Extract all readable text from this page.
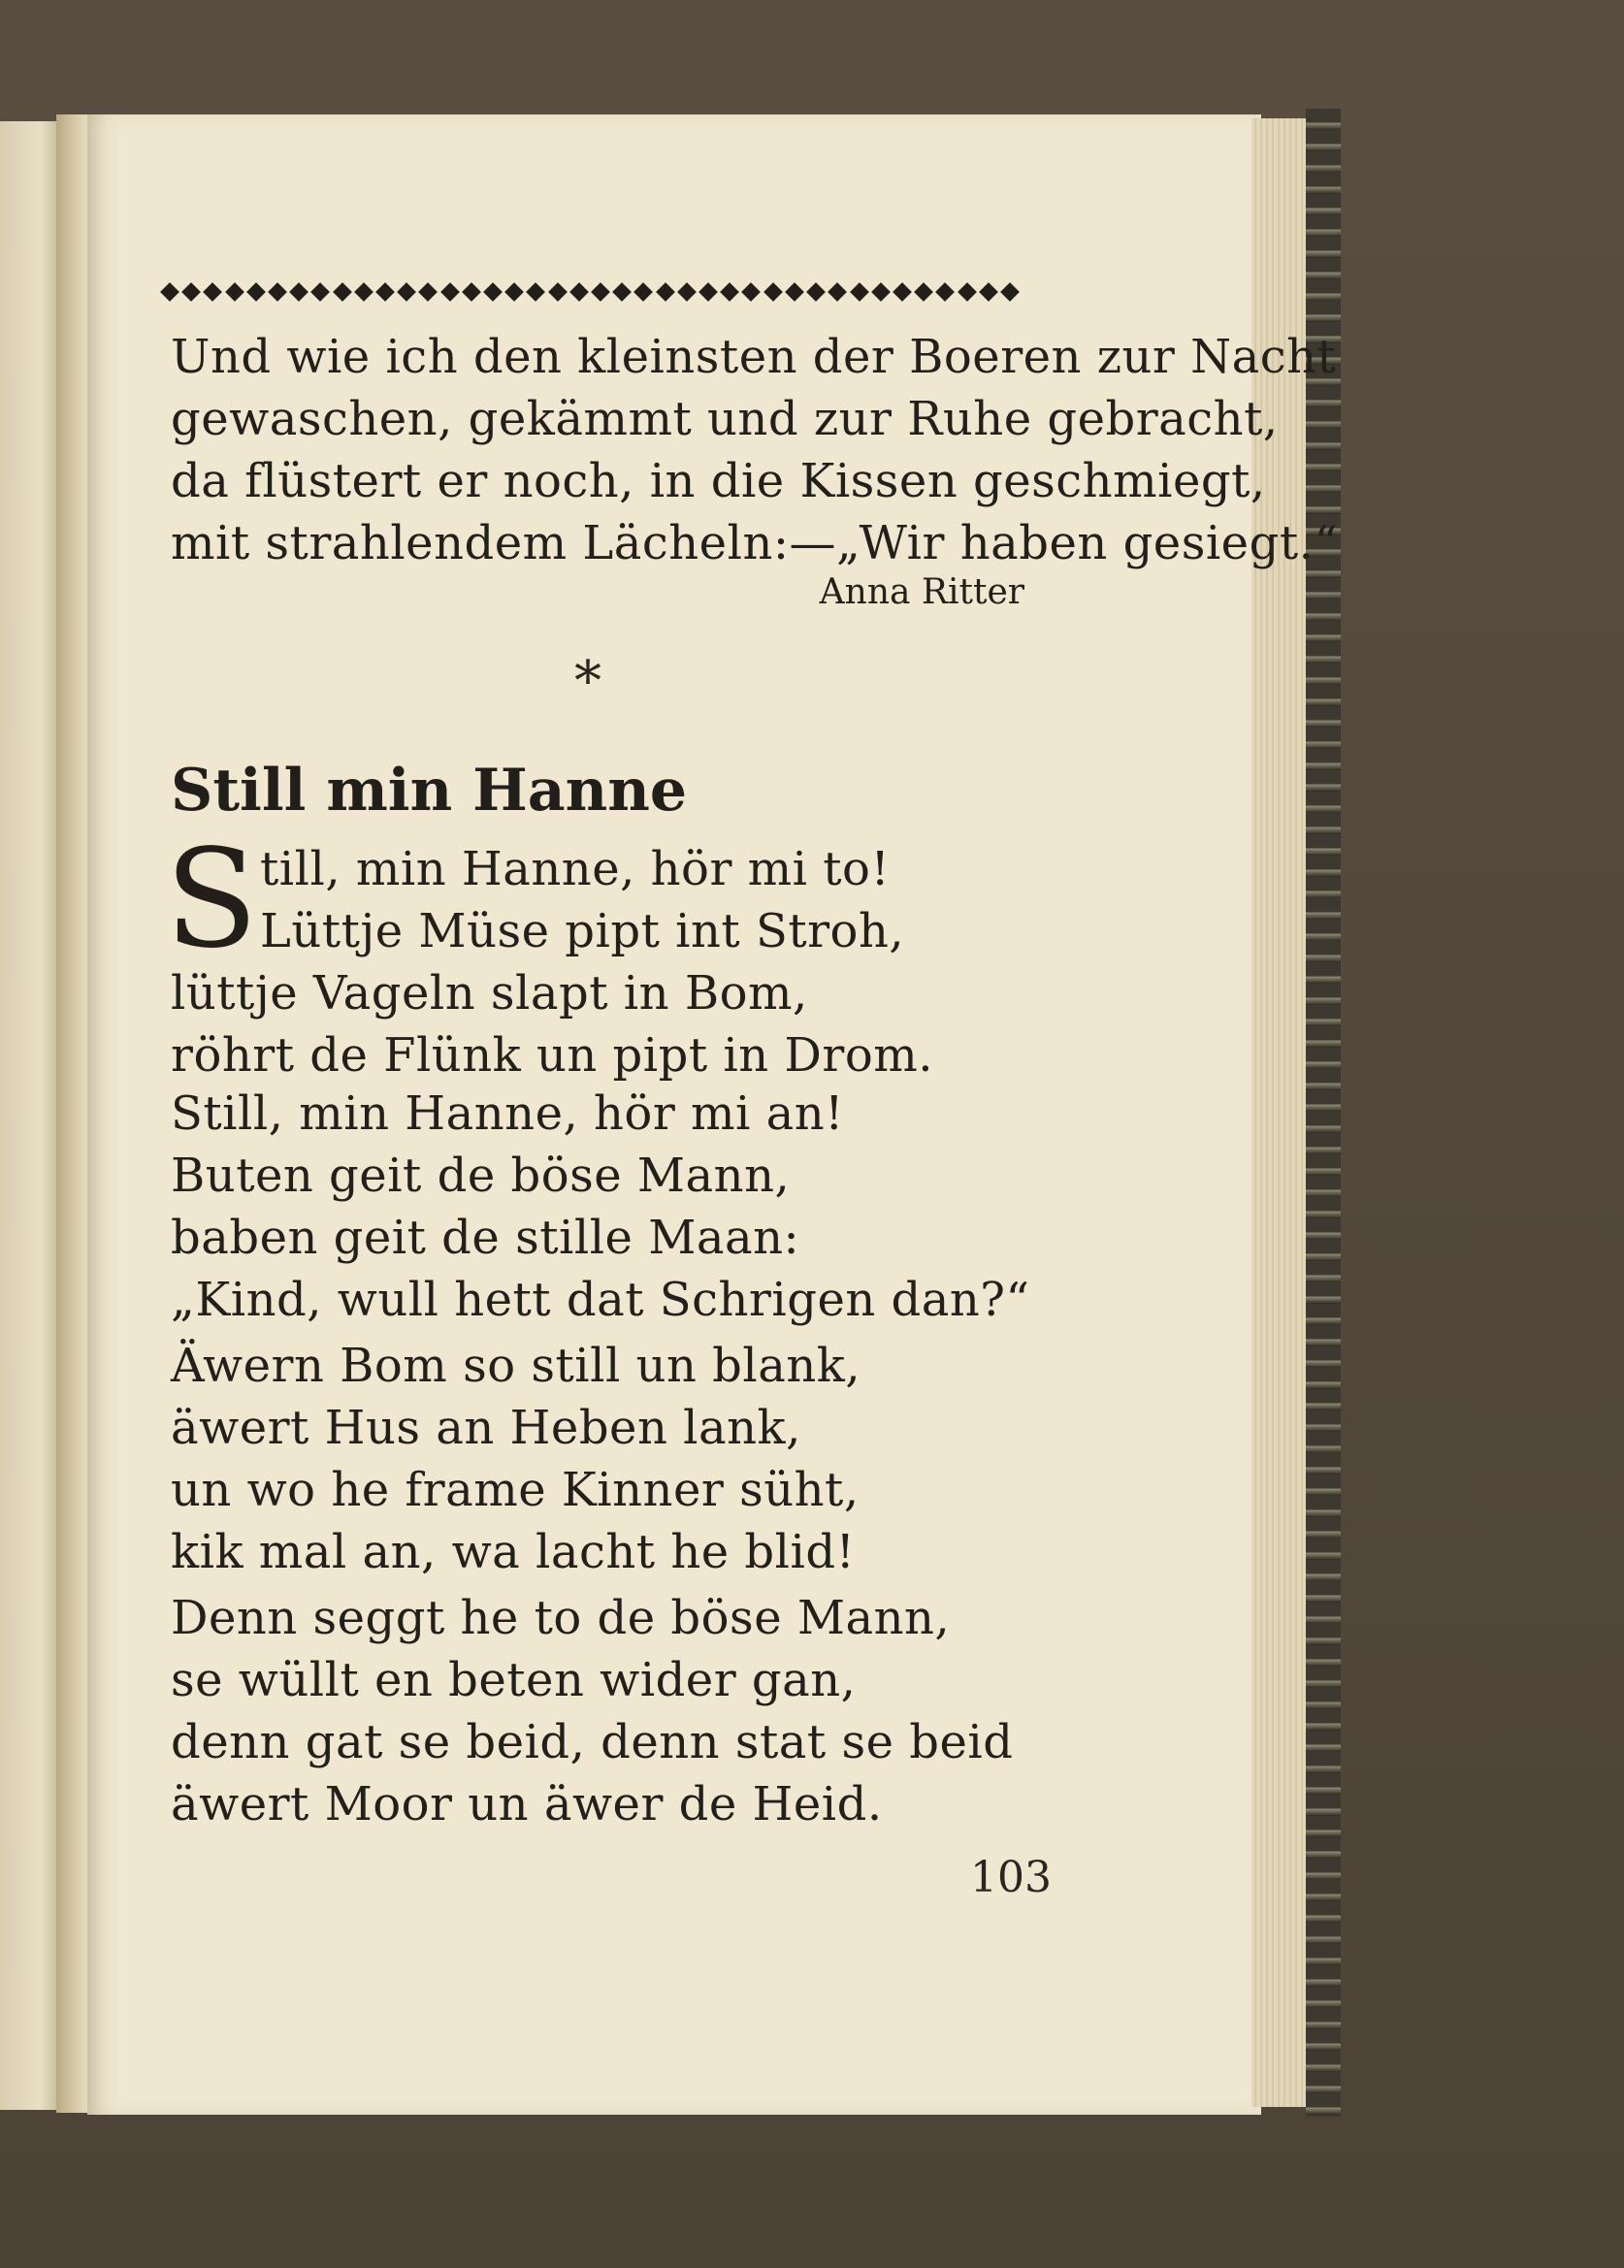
Und wie ich den kleinsten der Boeren zur Nacht
gewaschen, gekämmt und zur Ruhe gebracht,
da flüstert er noch, in die Kissen geschmiegt,
mit strahlendem Lächeln:—„Wir haben gesiegt.“
Anna Ritter
*
Still min Hanne
S till, min Hanne, hör mi to!
Lüttje Müse pipt int Stroh,
lüttje Vageln slapt in Bom,
röhrt de Flünk un pipt in Drom.
Still, min Hanne, hör mi an!
Buten geit de böse Mann,
baben geit de stille Maan:
„Kind, wull hett dat Schrigen dan?“
Äwern Bom so still un blank,
äwert Hus an Heben lank,
un wo he frame Kinner süht,
kik mal an, wa lacht he blid!
Denn seggt he to de böse Mann,
se wüllt en beten wider gan,
denn gat se beid, denn stat se beid
äwert Moor un äwer de Heid.
103
